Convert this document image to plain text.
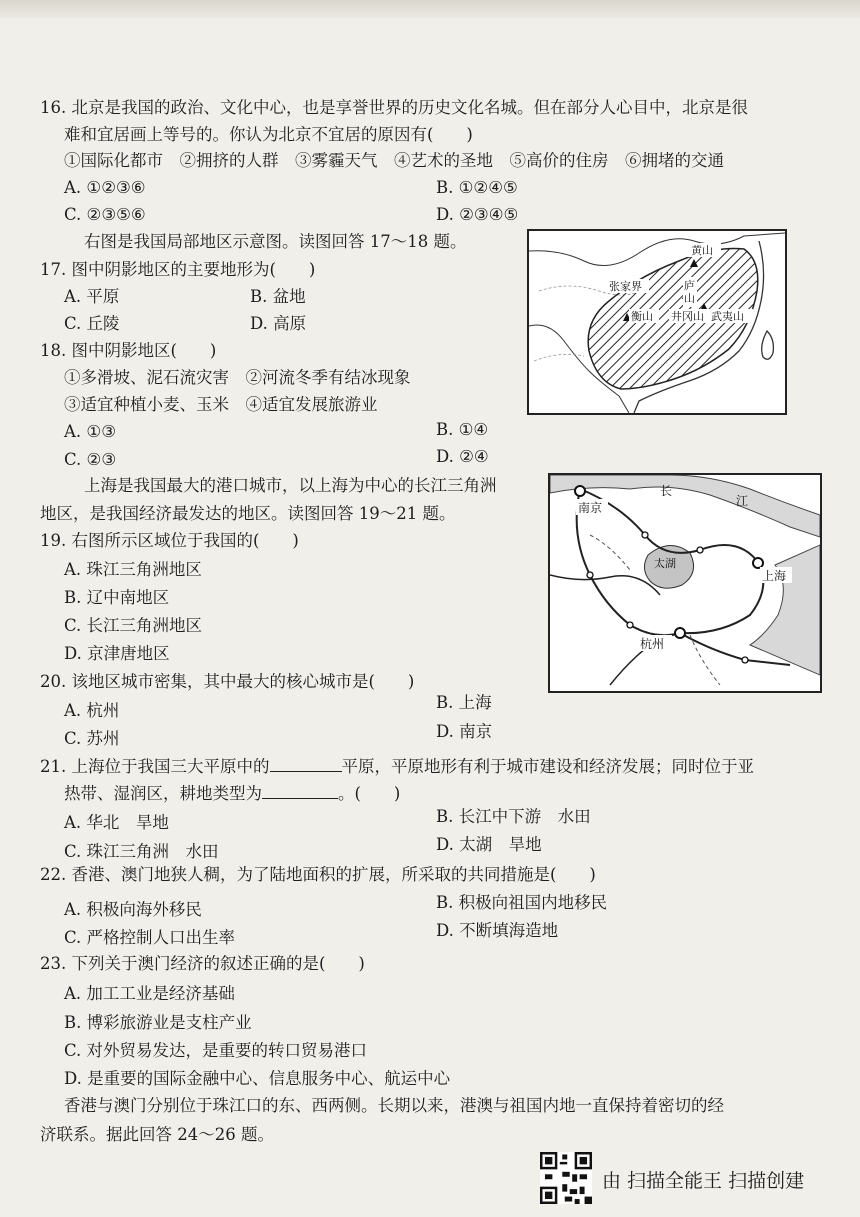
16. 北京是我国的政治、文化中心，也是享誉世界的历史文化名城。但在部分人心目中，北京是很
难和宜居画上等号的。你认为北京不宜居的原因有(　　)
①国际化都市　②拥挤的人群　③雾霾天气　④艺术的圣地　⑤高价的住房　⑥拥堵的交通
A. ①②③⑥	B. ①②④⑤
C. ②③⑤⑥	D. ②③④⑤
右图是我国局部地区示意图。读图回答 17～18 题。
17. 图中阴影地区的主要地形为(　　)
A. 平原	B. 盆地
C. 丘陵	D. 高原
18. 图中阴影地区(　　)
①多滑坡、泥石流灾害　②河流冬季有结冰现象
③适宜种植小麦、玉米　④适宜发展旅游业
A. ①③	B. ①④
C. ②③	D. ②④
黄山
张家界	庐 山
衡山 井冈山 武夷山
上海是我国最大的港口城市，以上海为中心的长江三角洲
地区，是我国经济最发达的地区。读图回答 19～21 题。
19. 右图所示区域位于我国的(　　)
A. 珠江三角洲地区
B. 辽中南地区
C. 长江三角洲地区
D. 京津唐地区
南京
长
江
太湖
上海
杭州
20. 该地区城市密集，其中最大的核心城市是(　　)
A. 杭州	B. 上海
C. 苏州	D. 南京
21. 上海位于我国三大平原中的	平原，平原地形有利于城市建设和经济发展；同时位于亚
热带、湿润区，耕地类型为	。(　　)
A. 华北　旱地	B. 长江中下游　水田
C. 珠江三角洲　水田	D. 太湖　旱地
22. 香港、澳门地狭人稠，为了陆地面积的扩展，所采取的共同措施是(　　)
A. 积极向海外移民	B. 积极向祖国内地移民
C. 严格控制人口出生率	D. 不断填海造地
23. 下列关于澳门经济的叙述正确的是(　　)
A. 加工工业是经济基础
B. 博彩旅游业是支柱产业
C. 对外贸易发达，是重要的转口贸易港口
D. 是重要的国际金融中心、信息服务中心、航运中心
香港与澳门分别位于珠江口的东、西两侧。长期以来，港澳与祖国内地一直保持着密切的经
济联系。据此回答 24～26 题。
由 扫描全能王 扫描创建
